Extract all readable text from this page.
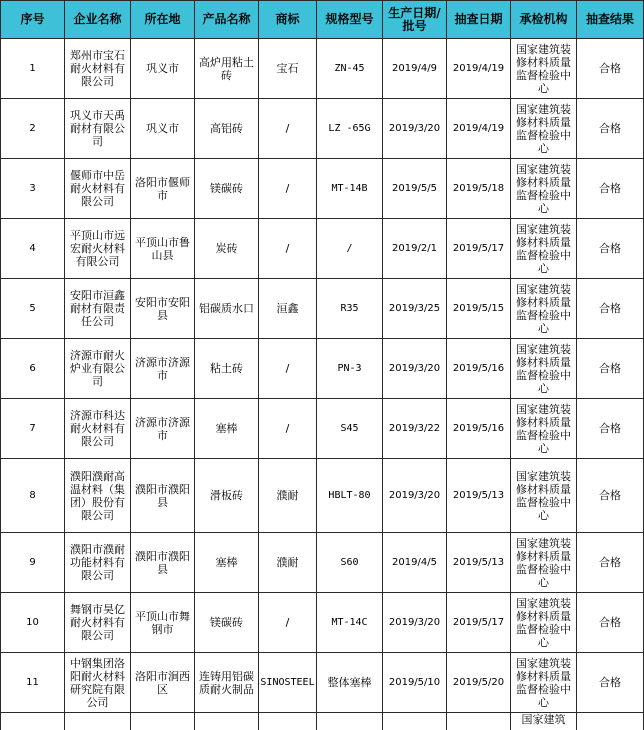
序号	企业名称	所在地	产品名称	商标	规格型号	生产日期/批号	抽查日期	承检机构	抽查结果
1	郑州市宝石耐火材料有限公司	巩义市	高炉用粘土砖	宝石	ZN-45	2019/4/9	2019/4/19	国家建筑装修材料质量监督检验中心	合格
2	巩义市天禹耐材有限公司	巩义市	高铝砖	/	LZ -65G	2019/3/20	2019/4/19	国家建筑装修材料质量监督检验中心	合格
3	偃师市中岳耐火材料有限公司	洛阳市偃师市	镁碳砖	/	MT-14B	2019/5/5	2019/5/18	国家建筑装修材料质量监督检验中心	合格
4	平顶山市远宏耐火材料有限公司	平顶山市鲁山县	炭砖	/	/	2019/2/1	2019/5/17	国家建筑装修材料质量监督检验中心	合格
5	安阳市洹鑫耐材有限责任公司	安阳市安阳县	铝碳质水口	洹鑫	R35	2019/3/25	2019/5/15	国家建筑装修材料质量监督检验中心	合格
6	济源市耐火炉业有限公司	济源市济源市	粘土砖	/	PN-3	2019/3/20	2019/5/16	国家建筑装修材料质量监督检验中心	合格
7	济源市科达耐火材料有限公司	济源市济源市	塞棒	/	S45	2019/3/22	2019/5/16	国家建筑装修材料质量监督检验中心	合格
8	濮阳濮耐高温材料（集团）股份有限公司	濮阳市濮阳县	滑板砖	濮耐	HBLT-80	2019/3/20	2019/5/13	国家建筑装修材料质量监督检验中心	合格
9	濮阳市濮耐功能材料有限公司	濮阳市濮阳县	塞棒	濮耐	S60	2019/4/5	2019/5/13	国家建筑装修材料质量监督检验中心	合格
10	舞钢市昊亿耐火材料有限公司	平顶山市舞钢市	镁碳砖	/	MT-14C	2019/3/20	2019/5/17	国家建筑装修材料质量监督检验中心	合格
11	中钢集团洛阳耐火材料研究院有限公司	洛阳市涧西区	连铸用铝碳质耐火制品	SINOSTEEL	整体塞棒	2019/5/10	2019/5/20	国家建筑装修材料质量监督检验中心	合格
								国家建筑	
